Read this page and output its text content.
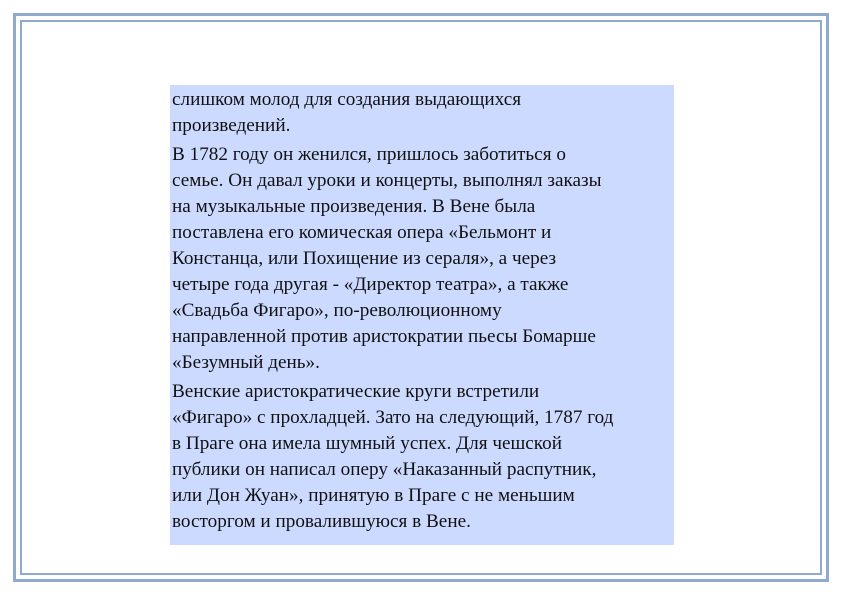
слишком молод для создания выдающихся
произведений.
В 1782 году он женился, пришлось заботиться о
семье. Он давал уроки и концерты, выполнял заказы
на музыкальные произведения. В Вене была
поставлена его комическая опера «Бельмонт и
Констанца, или Похищение из сераля», а через
четыре года другая - «Директор театра», а также
«Свадьба Фигаро», по-революционному
направленной против аристократии пьесы Бомарше
«Безумный день».
Венские аристократические круги встретили
«Фигаро» с прохладцей. Зато на следующий, 1787 год
в Праге она имела шумный успех. Для чешской
публики он написал оперу «Наказанный распутник,
или Дон Жуан», принятую в Праге с не меньшим
восторгом и провалившуюся в Вене.
